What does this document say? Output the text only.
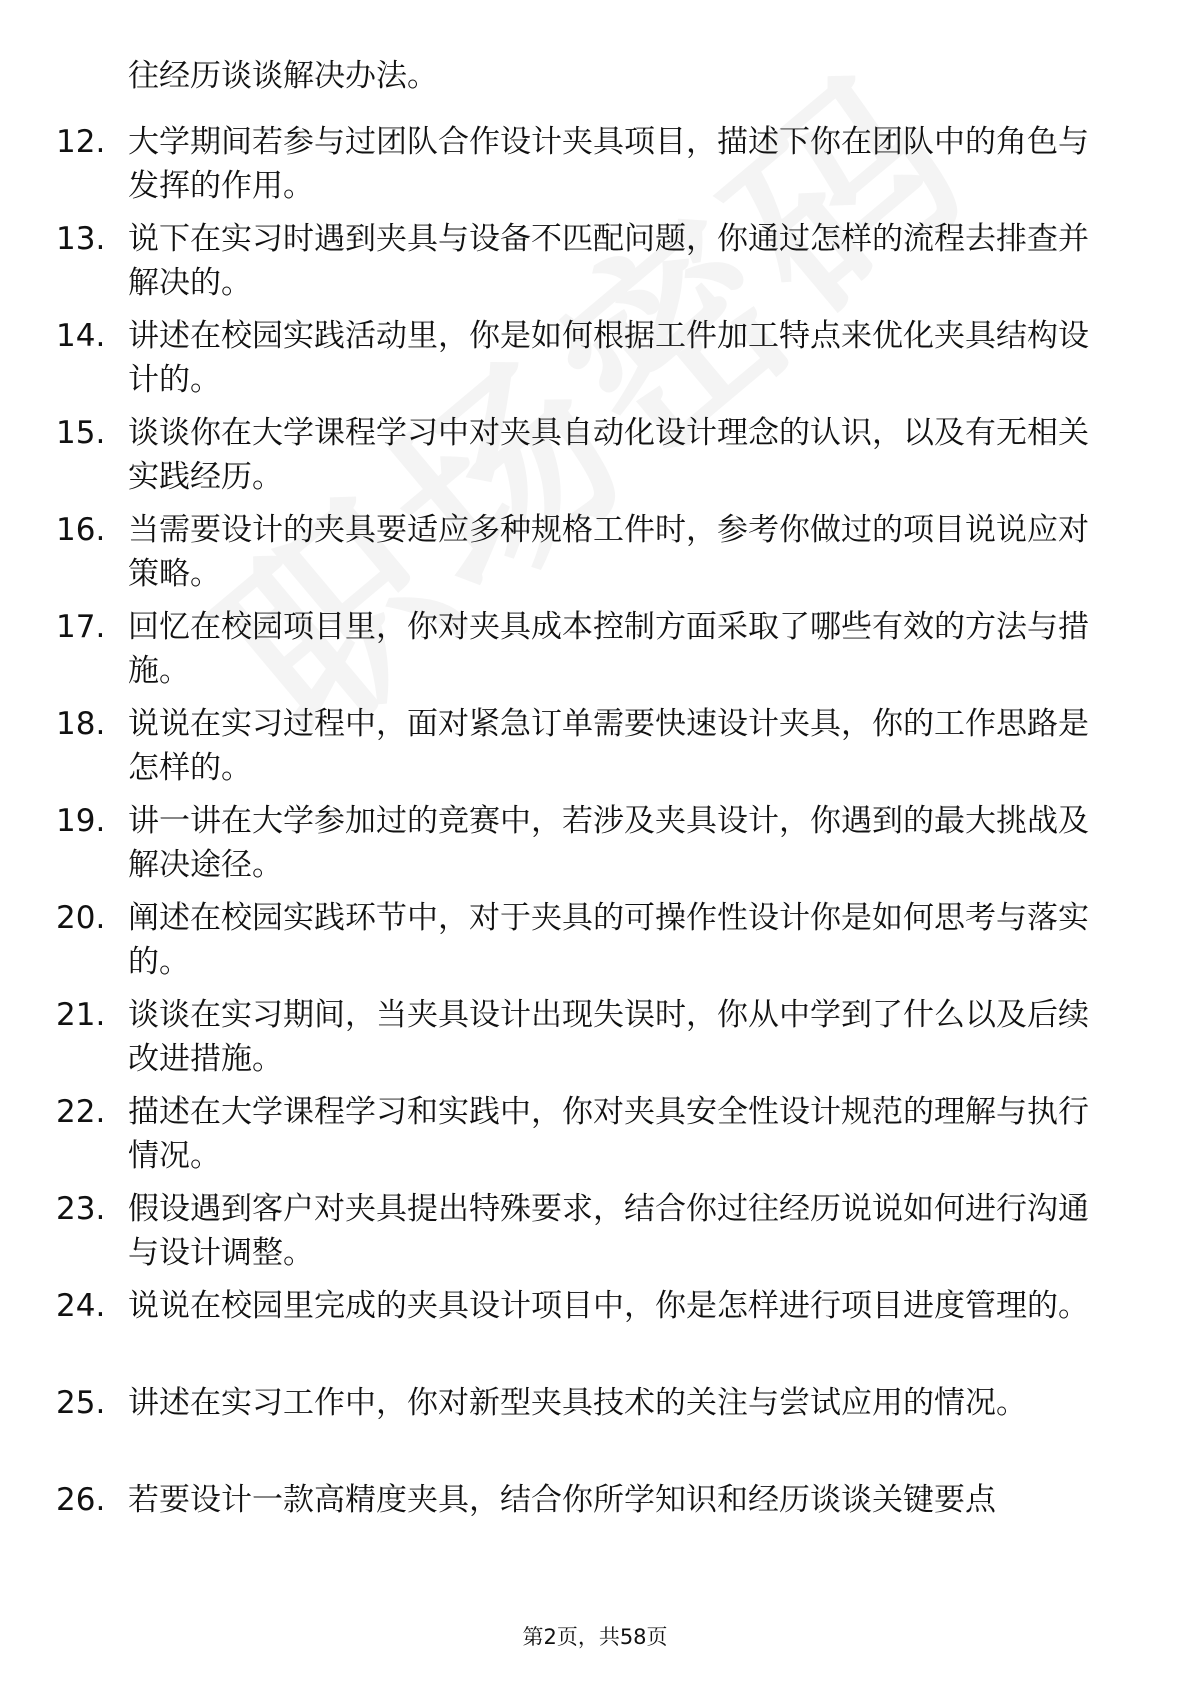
往经历谈谈解决办法。

12. 大学期间若参与过团队合作设计夹具项目，描述下你在团队中的角色与发挥的作用。
13. 说下在实习时遇到夹具与设备不匹配问题，你通过怎样的流程去排查并解决的。
14. 讲述在校园实践活动里，你是如何根据工件加工特点来优化夹具结构设计的。
15. 谈谈你在大学课程学习中对夹具自动化设计理念的认识，以及有无相关实践经历。
16. 当需要设计的夹具要适应多种规格工件时，参考你做过的项目说说应对策略。
17. 回忆在校园项目里，你对夹具成本控制方面采取了哪些有效的方法与措施。
18. 说说在实习过程中，面对紧急订单需要快速设计夹具，你的工作思路是怎样的。
19. 讲一讲在大学参加过的竞赛中，若涉及夹具设计，你遇到的最大挑战及解决途径。
20. 阐述在校园实践环节中，对于夹具的可操作性设计你是如何思考与落实的。
21. 谈谈在实习期间，当夹具设计出现失误时，你从中学到了什么以及后续改进措施。
22. 描述在大学课程学习和实践中，你对夹具安全性设计规范的理解与执行情况。
23. 假设遇到客户对夹具提出特殊要求，结合你过往经历说说如何进行沟通与设计调整。
24. 说说在校园里完成的夹具设计项目中，你是怎样进行项目进度管理的。
25. 讲述在实习工作中，你对新型夹具技术的关注与尝试应用的情况。
26. 若要设计一款高精度夹具，结合你所学知识和经历谈谈关键要点
第2页，共58页
